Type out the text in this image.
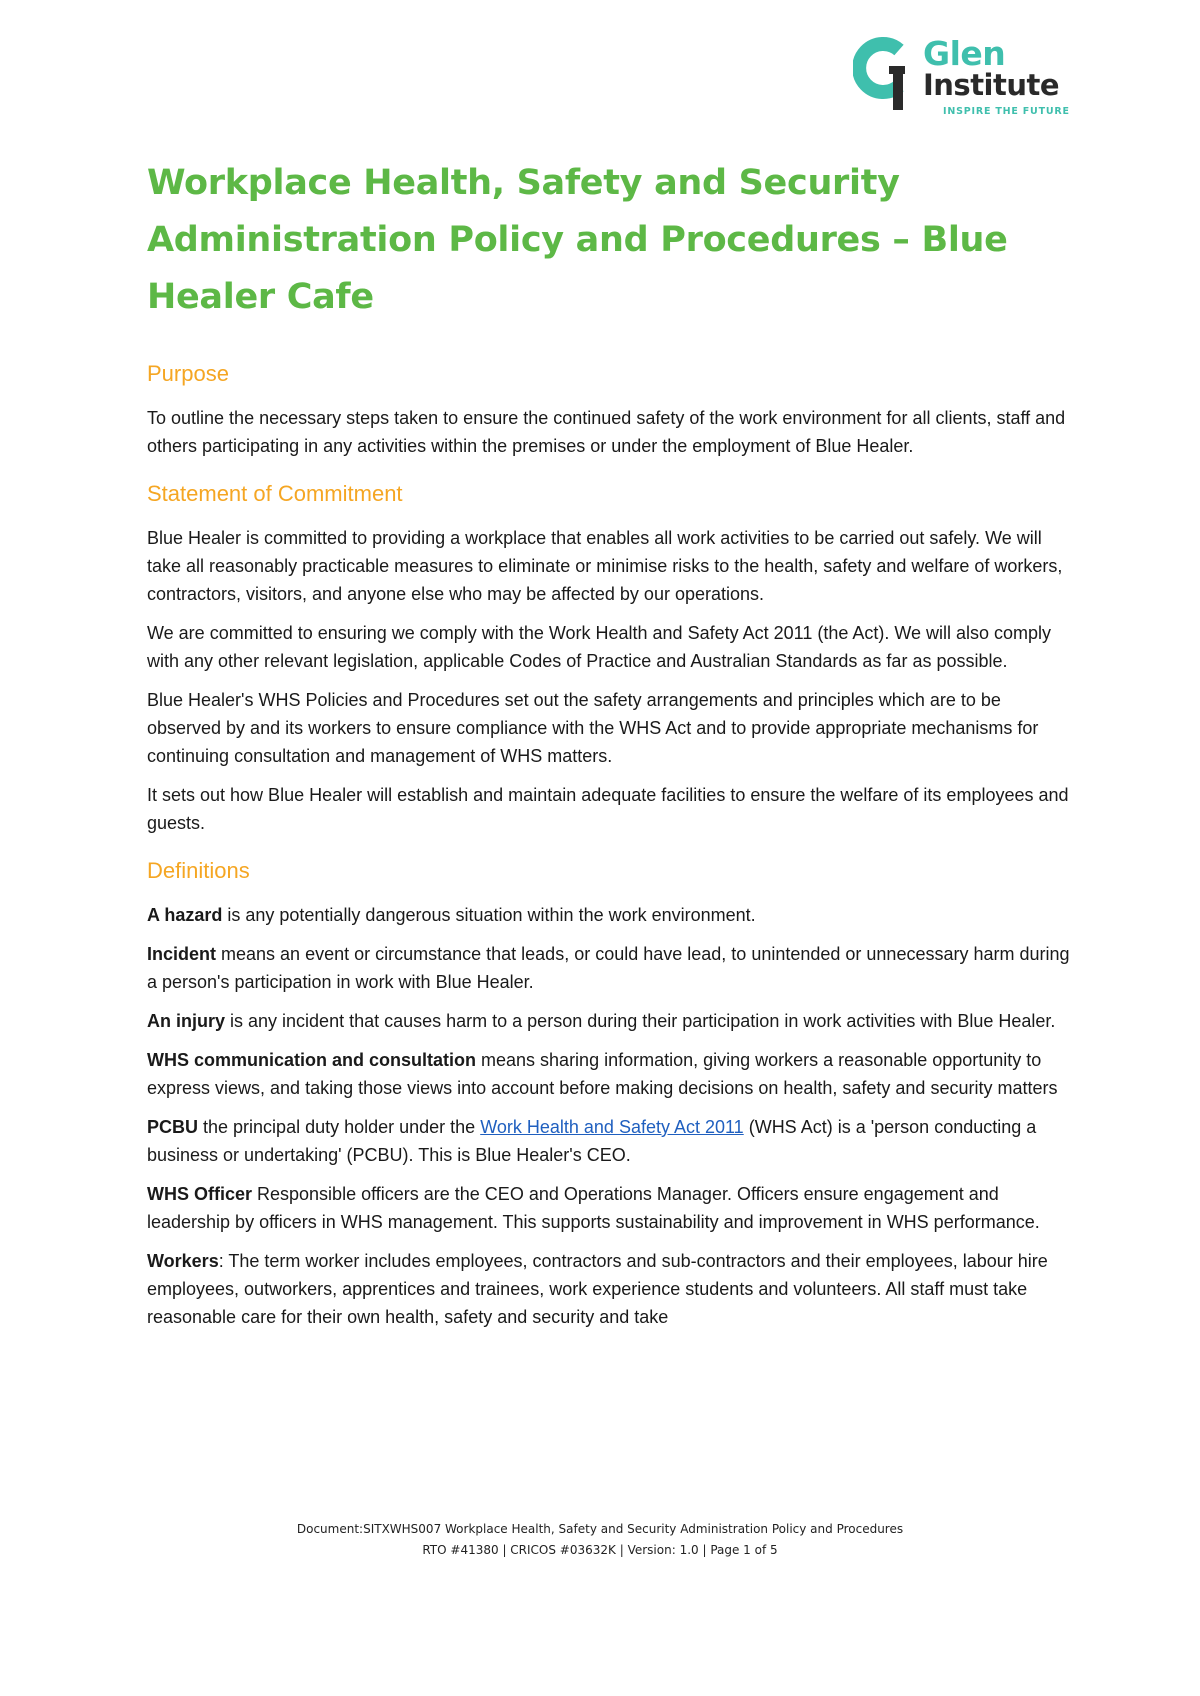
Glen
Institute
INSPIRE THE FUTURE
Workplace Health, Safety and Security Administration Policy and Procedures – Blue Healer Cafe
Purpose

To outline the necessary steps taken to ensure the continued safety of the work environment for all clients, staff and others participating in any activities within the premises or under the employment of Blue Healer.

Statement of Commitment

Blue Healer is committed to providing a workplace that enables all work activities to be carried out safely. We will take all reasonably practicable measures to eliminate or minimise risks to the health, safety and welfare of workers, contractors, visitors, and anyone else who may be affected by our operations.

We are committed to ensuring we comply with the Work Health and Safety Act 2011 (the Act). We will also comply with any other relevant legislation, applicable Codes of Practice and Australian Standards as far as possible.

Blue Healer's WHS Policies and Procedures set out the safety arrangements and principles which are to be observed by and its workers to ensure compliance with the WHS Act and to provide appropriate mechanisms for continuing consultation and management of WHS matters.

It sets out how Blue Healer will establish and maintain adequate facilities to ensure the welfare of its employees and guests.

Definitions

A hazard is any potentially dangerous situation within the work environment.

Incident means an event or circumstance that leads, or could have lead, to unintended or unnecessary harm during a person's participation in work with Blue Healer.

An injury is any incident that causes harm to a person during their participation in work activities with Blue Healer.

WHS communication and consultation means sharing information, giving workers a reasonable opportunity to express views, and taking those views into account before making decisions on health, safety and security matters

PCBU the principal duty holder under the Work Health and Safety Act 2011 (WHS Act) is a 'person conducting a business or undertaking' (PCBU). This is Blue Healer's CEO.

WHS Officer Responsible officers are the CEO and Operations Manager. Officers ensure engagement and leadership by officers in WHS management. This supports sustainability and improvement in WHS performance.

Workers: The term worker includes employees, contractors and sub-contractors and their employees, labour hire employees, outworkers, apprentices and trainees, work experience students and volunteers. All staff must take reasonable care for their own health, safety and security and take

Document:SITXWHS007 Workplace Health, Safety and Security Administration Policy and Procedures
RTO #41380 | CRICOS #03632K | Version: 1.0 | Page 1 of 5
